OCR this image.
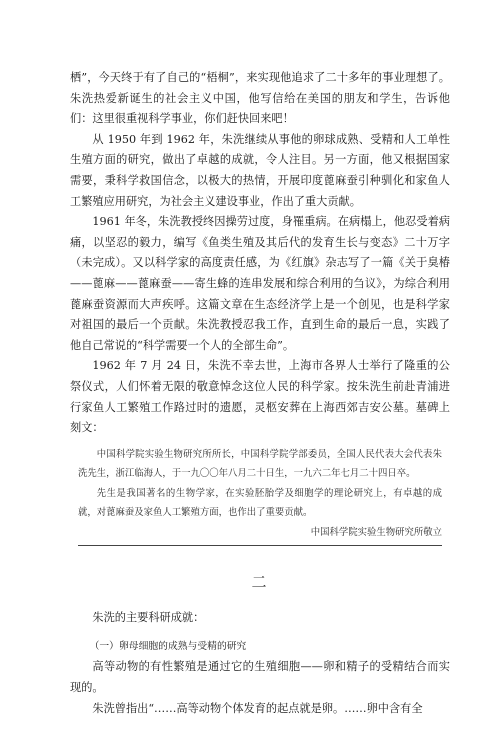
栖”，今天终于有了自己的“梧桐”，来实现他追求了二十多年的事业理想了。朱洗热爱新诞生的社会主义中国，他写信给在美国的朋友和学生，告诉他们：这里很重视科学事业，你们赶快回来吧！

从 1950 年到 1962 年，朱洗继续从事他的卵球成熟、受精和人工单性生殖方面的研究，做出了卓越的成就，令人注目。另一方面，他又根据国家需要，秉科学救国信念，以极大的热情，开展印度蓖麻蚕引种驯化和家鱼人工繁殖应用研究，为社会主义建设事业，作出了重大贡献。

1961 年冬，朱洗教授终因操劳过度，身罹重病。在病榻上，他忍受着病痛，以坚忍的毅力，编写《鱼类生殖及其后代的发育生长与变态》二十万字（未完成）。又以科学家的高度责任感，为《红旗》杂志写了一篇《关于臭椿——蓖麻——蓖麻蚕——寄生蜂的连串发展和综合利用的刍议》，为综合利用蓖麻蚕资源而大声疾呼。这篇文章在生态经济学上是一个创见，也是科学家对祖国的最后一个贡献。朱洗教授忍我工作，直到生命的最后一息，实践了他自己常说的“科学需要一个人的全部生命”。

1962 年 7 月 24 日，朱洗不幸去世，上海市各界人士举行了隆重的公祭仪式，人们怀着无限的敬意悼念这位人民的科学家。按朱洗生前赴青浦进行家鱼人工繁殖工作路过时的遗愿，灵柩安葬在上海西郊吉安公墓。墓碑上刻文：

中国科学院实验生物研究所所长，中国科学院学部委员，全国人民代表大会代表朱洗先生，浙江临海人，于一九〇〇年八月二十日生，一九六二年七月二十四日卒。

先生是我国著名的生物学家，在实验胚胎学及细胞学的理论研究上，有卓越的成就，对蓖麻蚕及家鱼人工繁殖方面，也作出了重要贡献。

中国科学院实验生物研究所敬立

二

朱洗的主要科研成就：

（一）卵母细胞的成熟与受精的研究

高等动物的有性繁殖是通过它的生殖细胞——卵和精子的受精结合而实现的。

朱洗曾指出“……高等动物个体发育的起点就是卵。……卵中含有全
